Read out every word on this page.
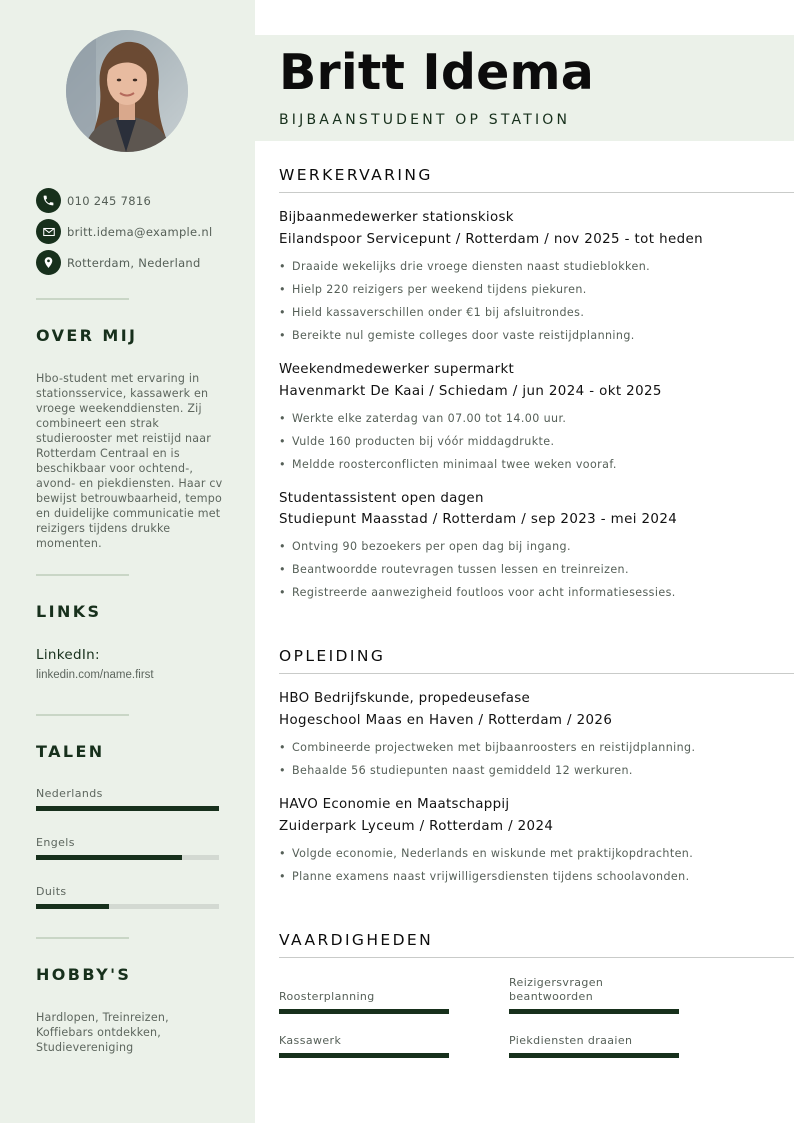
010 245 7816
britt.idema@example.nl
Rotterdam, Nederland
OVER MIJ
Hbo-student met ervaring in stationsservice, kassawerk en vroege weekenddiensten. Zij combineert een strak studierooster met reistijd naar Rotterdam Centraal en is beschikbaar voor ochtend-, avond- en piekdiensten. Haar cv bewijst betrouwbaarheid, tempo en duidelijke communicatie met reizigers tijdens drukke momenten.
LINKS
LinkedIn:
linkedin.com/name.first
TALEN
Nederlands
Engels
Duits
HOBBY'S
Hardlopen, Treinreizen, Koffiebars ontdekken, Studievereniging
Britt Idema
BIJBAANSTUDENT OP STATION
WERKERVARING
Bijbaanmedewerker stationskiosk
Eilandspoor Servicepunt / Rotterdam / nov 2025 - tot heden
• Draaide wekelijks drie vroege diensten naast studieblokken.
• Hielp 220 reizigers per weekend tijdens piekuren.
• Hield kassaverschillen onder €1 bij afsluitrondes.
• Bereikte nul gemiste colleges door vaste reistijdplanning.
Weekendmedewerker supermarkt
Havenmarkt De Kaai / Schiedam / jun 2024 - okt 2025
• Werkte elke zaterdag van 07.00 tot 14.00 uur.
• Vulde 160 producten bij vóór middagdrukte.
• Meldde roosterconflicten minimaal twee weken vooraf.
Studentassistent open dagen
Studiepunt Maasstad / Rotterdam / sep 2023 - mei 2024
• Ontving 90 bezoekers per open dag bij ingang.
• Beantwoordde routevragen tussen lessen en treinreizen.
• Registreerde aanwezigheid foutloos voor acht informatiesessies.
OPLEIDING
HBO Bedrijfskunde, propedeusefase
Hogeschool Maas en Haven / Rotterdam / 2026
• Combineerde projectweken met bijbaanroosters en reistijdplanning.
• Behaalde 56 studiepunten naast gemiddeld 12 werkuren.
HAVO Economie en Maatschappij
Zuiderpark Lyceum / Rotterdam / 2024
• Volgde economie, Nederlands en wiskunde met praktijkopdrachten.
• Planne examens naast vrijwilligersdiensten tijdens schoolavonden.
VAARDIGHEDEN
Roosterplanning
Reizigersvragen beantwoorden
Kassawerk	Piekdiensten draaien
